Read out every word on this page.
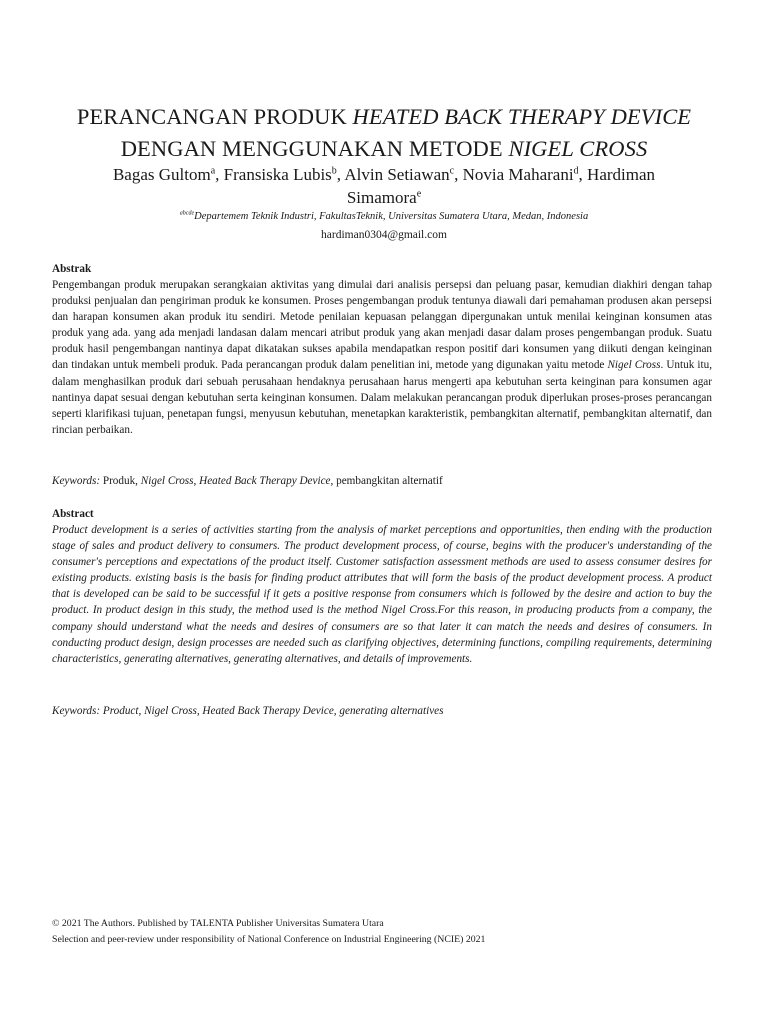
PERANCANGAN PRODUK HEATED BACK THERAPY DEVICE
DENGAN MENGGUNAKAN METODE NIGEL CROSS
Bagas Gultom$^a$, Fransiska Lubis$^b$, Alvin Setiawan$^c$, Novia Maharani$^d$, Hardiman
Simamora$^e$
$^{abcde}$Departemem Teknik Industri, FakultasTeknik, Universitas Sumatera Utara, Medan, Indonesia
hardiman0304@gmail.com
Abstrak
Pengembangan produk merupakan serangkaian aktivitas yang dimulai dari analisis persepsi dan peluang pasar, kemudian diakhiri dengan tahap produksi penjualan dan pengiriman produk ke konsumen. Proses pengembangan produk tentunya diawali dari pemahaman produsen akan persepsi dan harapan konsumen akan produk itu sendiri. Metode penilaian kepuasan pelanggan dipergunakan untuk menilai keinginan konsumen atas produk yang ada. yang ada menjadi landasan dalam mencari atribut produk yang akan menjadi dasar dalam proses pengembangan produk. Suatu produk hasil pengembangan nantinya dapat dikatakan sukses apabila mendapatkan respon positif dari konsumen yang diikuti dengan keinginan dan tindakan untuk membeli produk. Pada perancangan produk dalam penelitian ini, metode yang digunakan yaitu metode Nigel Cross. Untuk itu, dalam menghasilkan produk dari sebuah perusahaan hendaknya perusahaan harus mengerti apa kebutuhan serta keinginan para konsumen agar nantinya dapat sesuai dengan kebutuhan serta keinginan konsumen. Dalam melakukan perancangan produk diperlukan proses-proses perancangan seperti klarifikasi tujuan, penetapan fungsi, menyusun kebutuhan, menetapkan karakteristik, pembangkitan alternatif, pembangkitan alternatif, dan rincian perbaikan.
Keywords: Produk, Nigel Cross, Heated Back Therapy Device, pembangkitan alternatif
Abstract
Product development is a series of activities starting from the analysis of market perceptions and opportunities, then ending with the production stage of sales and product delivery to consumers. The product development process, of course, begins with the producer's understanding of the consumer's perceptions and expectations of the product itself. Customer satisfaction assessment methods are used to assess consumer desires for existing products. existing basis is the basis for finding product attributes that will form the basis of the product development process. A product that is developed can be said to be successful if it gets a positive response from consumers which is followed by the desire and action to buy the product. In product design in this study, the method used is the method Nigel Cross.For this reason, in producing products from a company, the company should understand what the needs and desires of consumers are so that later it can match the needs and desires of consumers. In conducting product design, design processes are needed such as clarifying objectives, determining functions, compiling requirements, determining characteristics, generating alternatives, generating alternatives, and details of improvements.
Keywords: Product, Nigel Cross, Heated Back Therapy Device, generating alternatives
© 2021 The Authors. Published by TALENTA Publisher Universitas Sumatera Utara
Selection and peer-review under responsibility of National Conference on Industrial Engineering (NCIE) 2021
